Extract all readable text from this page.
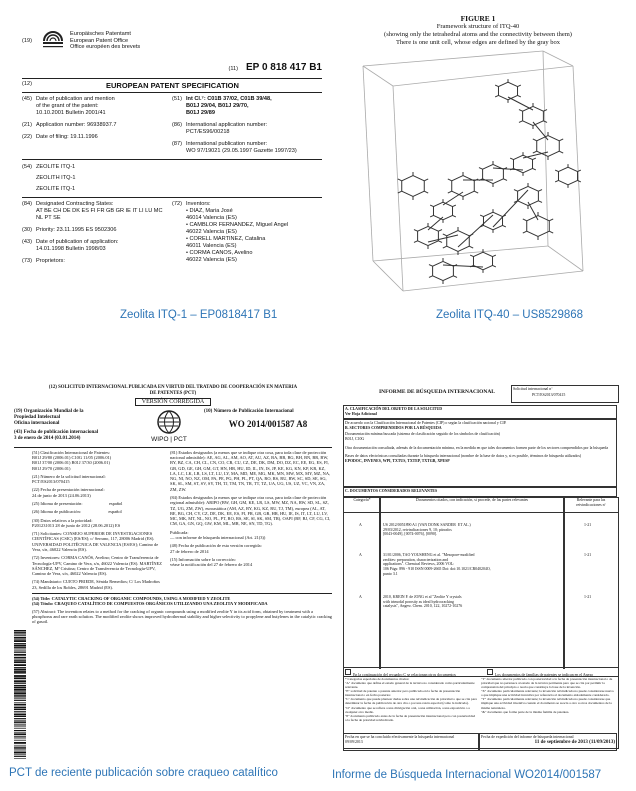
(19)
Europäisches Patentamt
European Patent Office
Office européen des brevets
(11) EP 0 818 417 B1
(12)	EUROPEAN PATENT SPECIFICATION
(45) Date of publication and mention
of the grant of the patent:
10.10.2001 Bulletin 2001/41
(21) Application number: 96938937.7
(22) Date of filing: 19.11.1996
(51) Int Cl.⁷: C01B 37/02, C01B 39/48,
B01J 29/04, B01J 29/70,
B01J 29/89
(86) International application number:
PCT/ES96/00218
(87) International publication number:
WO 97/19021 (29.05.1997 Gazette 1997/23)
(54) ZEOLITE ITQ-1
ZEOLITH ITQ-1
ZEOLITE ITQ-1
(84) Designated Contracting States:
AT BE CH DE DK ES FI FR GB GR IE IT LI LU MC
NL PT SE
(30) Priority: 23.11.1995 ES 9502306
(43) Date of publication of application:
14.01.1998 Bulletin 1998/03
(73) Proprietors:
(72) Inventors:
• DIAZ, Maria José
46014 Valencia (ES)
• CAMBLOR FERNANDEZ, Miguel Angel
46022 Valencia (ES)
• CORELL MARTINEZ, Catalina
46011 Valencia (ES)
• CORMA CANOS, Avelino
46022 Valencia (ES)
Zeolita ITQ-1 – EP0818417 B1
FIGURE 1
Framework structure of ITQ-40
(showing only the tetrahedral atoms and the connectivity between them)
There is one unit cell, whose edges are defined by the gray box
Zeolita ITQ-40 – US8529868
(12) SOLICITUD INTERNACIONAL PUBLICADA EN VIRTUD DEL TRATADO DE COOPERACIÓN EN MATERIA
DE PATENTES (PCT)
VERSIÓN CORREGIDA
(19) Organización Mundial de la
Propiedad Intelectual
Oficina internacional
(43) Fecha de publicación internacional
3 de enero de 2014 (03.01.2014)	WIPO | PCT
(10) Número de Publicación Internacional
WO 2014/001587 A8
(51) Clasificación Internacional de Patentes:
B01J 29/80 (2006.01) C10G 11/05 (2006.01)
B01J 37/00 (2006.01) B01J 37/30 (2006.01)
B01J 29/70 (2006.01)
(21) Número de la solicitud internacional:
PCT/ES2013/070415
(22) Fecha de presentación internacional:
24 de junio de 2013 (24.06.2013)
(25) Idioma de presentación:                        español
(26) Idioma de publicación:                         español
(30) Datos relativos a la prioridad:
P201231013 28 de junio de 2012 (28.06.2012) ES
(71) Solicitantes: CONSEJO SUPERIOR DE INVESTIGACIONES CIENTÍFICAS (CSIC) [ES/ES]; c/ Serrano, 117, 28006 Madrid (ES). UNIVERSIDAD POLITÉCNICA DE VALENCIA [ES/ES]; Camino de Vera, s/n, 46022 Valencia (ES).
(72) Inventores: CORMA CANÓS, Avelino; Centro de Transferencia de Tecnología-UPV, Camino de Vera, s/n, 46022 Valencia (ES). MARTÍNEZ SÁNCHEZ, Mª Cristina; Centro de Transferencia de Tecnología-UPV, Camino de Vera, s/n, 46022 Valencia (ES).
(74) Mandatario: CUETO PRIEDE, Sénida Remedios; C/ Los Madroños 23, Sedilla de los Robles, 28691 Madrid (ES).
(81) Estados designados (a menos que se indique otra cosa, para toda clase de protección nacional admisible): AE, AG, AL, AM, AO, AT, AU, AZ, BA, BB, BG, BH, BN, BR, BW, BY, BZ, CA, CH, CL, CN, CO, CR, CU, CZ, DE, DK, DM, DO, DZ, EC, EE, EG, ES, FI, GB, GD, GE, GH, GM, GT, HN, HR, HU, ID, IL, IN, IS, JP, KE, KG, KN, KP, KR, KZ, LA, LC, LK, LR, LS, LT, LU, LY, MA, MD, ME, MG, MK, MN, MW, MX, MY, MZ, NA, NG, NI, NO, NZ, OM, PA, PE, PG, PH, PL, PT, QA, RO, RS, RU, RW, SC, SD, SE, SG, SK, SL, SM, ST, SV, SY, TH, TJ, TM, TN, TR, TT, TZ, UA, UG, US, UZ, VC, VN, ZA, ZM, ZW.
(84) Estados designados (a menos que se indique otra cosa, para toda clase de protección regional admisible): ARIPO (BW, GH, GM, KE, LR, LS, MW, MZ, NA, RW, SD, SL, SZ, TZ, UG, ZM, ZW), euroasiática (AM, AZ, BY, KG, KZ, RU, TJ, TM), europea (AL, AT, BE, BG, CH, CY, CZ, DE, DK, EE, ES, FI, FR, GB, GR, HR, HU, IE, IS, IT, LT, LU, LV, MC, MK, MT, NL, NO, PL, PT, RO, RS, SE, SI, SK, SM, TR), OAPI (BF, BJ, CF, CG, CI, CM, GA, GN, GQ, GW, KM, ML, MR, NE, SN, TD, TG).
Publicada:
— con informe de búsqueda internacional (Art. 21(3))
(48) Fecha de publicación de esta versión corregida:
27 de febrero de 2014
(15) Información sobre la corrección:
véase la notificación del 27 de febrero de 2014
(54) Title: CATALYTIC CRACKING OF ORGANIC COMPOUNDS, USING A MODIFIED Y ZEOLITE
(54) Título: CRAQUEO CATALÍTICO DE COMPUESTOS ORGÁNICOS UTILIZANDO UNA ZEOLITA Y MODIFICADA
(57) Abstract: The invention relates to a method for the cracking of organic compounds using a modified zeolite Y in its acid form, obtained by treatment with a phosphorus and rare earth solution. The modified zeolite shows improved hydrothermal stability and higher selectivity to propylene and butylenes in the catalytic cracking of gasoil.
PCT de reciente publicación sobre craqueo catalítico
INFORME DE BÚSQUEDA INTERNACIONAL	Solicitud internacional nº
PCT/ES2013/070415
A. CLASIFICACIÓN DEL OBJETO DE LA SOLICITUD
Ver Hoja Adicional
De acuerdo con la Clasificación Internacional de Patentes (CIP) o según la clasificación nacional y CIP.
B. SECTORES COMPRENDIDOS POR LA BÚSQUEDA
Documentación mínima buscada (sistema de clasificación seguido de los símbolos de clasificación)
B01J, C10G
Otra documentación consultada, además de la documentación mínima, en la medida en que tales documentos formen parte de los sectores comprendidos por la búsqueda
Bases de datos electrónicas consultadas durante la búsqueda internacional (nombre de la base de datos y, si es posible, términos de búsqueda utilizados)
EPODOC, INVENES, WPI, TXTUS, TXTEP, TXTGB, XPESP
C. DOCUMENTOS CONSIDERADOS RELEVANTES
Categoría*	Documentos citados, con indicación, si procede, de las partes relevantes	Relevante para las reivindicaciones nº
A	US 2012/0051890 A1 (VAN DONK SANDER  ET AL.)
29/03/2012, reivindicaciones 9, 10; párrafos
[0043-0049], [0074-0076], [0090].
1-21
A	31/01/2006, TAO YOUSHENG et al. "Mesopore-modified
zeolites: preparation, characterization and
applications". Chemical Reviews, 2006 VOL:
106 Págs: 896 - 910 ISSN 0009-2665 Doi: doi:10.1021/CR040204O,
punto 3.1
1-21
A	2010, KREIN F. de JONG et al "Zeolite Y crystals
with trimodal porosity as ideal hydrocracking
catalysts", Angew. Chem. 2010, 122, 10272-10276
1-21
En la continuación del recuadro C se relacionan otros documentos	Los documentos de familias de patentes se indican en el Anexo
* Categorías especiales de documentos citados:
"A" documento que define el estado general de la técnica no considerado como particularmente relevante.
"E" solicitud de patente o patente anterior pero publicada en la fecha de presentación internacional o en fecha posterior.
"L" documento que puede plantear dudas sobre una reivindicación de prioridad o que se cita para determinar la fecha de publicación de otra cita o por una razón especial (como la indicada).
"O" documento que se refiere a una divulgación oral, a una utilización, a una exposición o a cualquier otro medio.
"P" documento publicado antes de la fecha de presentación internacional pero con posterioridad a la fecha de prioridad reivindicada.
"T" documento ulterior publicado con posterioridad a la fecha de presentación internacional o de prioridad que no pertenece al estado de la técnica pertinente pero que se cita por permitir la comprensión del principio o teoría que constituye la base de la invención.
"X" documento particularmente relevante; la invención reivindicada no puede considerarse nueva o que implique una actividad inventiva por referencia al documento aisladamente considerado.
"Y" documento particularmente relevante; la invención reivindicada no puede considerarse que implique una actividad inventiva cuando el documento se asocia a otro u otros documentos de la misma naturaleza.
"&" documento que forma parte de la misma familia de patentes.
Fecha en que se ha concluido efectivamente la búsqueda internacional
09/09/2013
Fecha de expedición del informe de búsqueda internacional
11 de septiembre de 2013 (11/09/2013)
Informe de Búsqueda Internacional WO2014/001587
